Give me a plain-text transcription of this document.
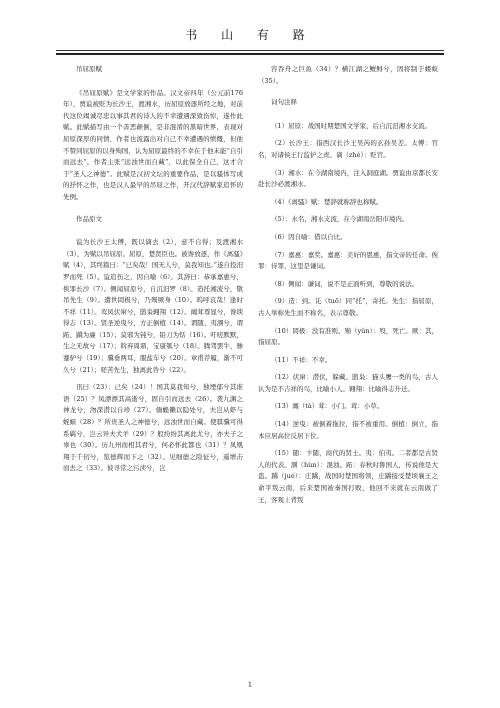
书 山 有 路

吊屈原赋

《吊屈原赋》是文学家的作品。汉文帝四年（公元前176年），贾谊被贬为长沙王，渡湘水，历屈原放逐所经之地，对前代这位竭诚尽忠以事其君的诗人的不幸遭遇深致伤悼，遂作此赋。此赋描写由一个善恶颠倒，是非混淆的黑暗世界，表现对屈原深厚的同情，作者也流露出对自己不幸遭遇的愤慨，但他不赞同屈原的以身殉国，认为屈原最终的不幸在于他未能“自引而远去”，作者主张“远浊世而自藏”，以此保全自己，这才合于“圣人之神德”。此赋是汉初文坛的重要作品，是以骚体写成的抒怀之作，也是汉人最早的吊屈之作，开汉代辞赋家追怀的先例。

作品原文

谊为长沙王太傅，既以谪去（2），意不自得；及渡湘水（3），为赋以吊屈原。屈原，楚贤臣也。被谗放逐，作《离骚》赋（4），其终篇曰：“已矣哉！国无人兮，莫我知也。”遂自投汨罗而死（5）。谊追伤之，因自喻（6）。其辞曰：恭承嘉惠兮，俟罪长沙（7）。侧闻屈原兮，自沉汨罗（8）。造托湘流兮，敬吊先生（9）。遭世罔极兮，乃殒厥身（10）。呜呼哀哉！逢时不祥（11）。鸾凤伏窜兮，鸱枭翱翔（12）。阘茸尊显兮，谗谀得志（13）。贤圣逆曳兮，方正倒植（14）。谓随、夷溷兮，谓跖、蹻为廉（15）；莫邪为钝兮，铅刀为铦（16）。吁嗟默默，生之无故兮（17）；斡弃周鼎，宝康瓠兮（18）。腾驾罢牛，骖蹇驴兮（19）；骥垂两耳，服盐车兮（20）。章甫荐履，渐不可久兮（21）；嗟苦先生，独离此咎兮（22）。

讯曰（23）：已矣（24）！国其莫我知兮，独堙郁兮其谁语（25）？凤漂漂其高逝兮，固自引而远去（26）。袭九渊之神龙兮，沕深潜以自珍（27）。偭蟂獭以隐处兮，夫岂从虾与蛭螾（28）？所贵圣人之神德兮，远浊世而自藏。使骐骥可得系羁兮，岂云异夫犬羊（29）？般纷纷其离此尤兮，亦夫子之辜也（30）。历九州而相其君兮，何必怀此都也（31）？凤凰翔于千仞兮，览德辉而下之（32）。见细德之险征兮，遥增击而去之（33）。彼寻常之污渎兮，岂

容吞舟之巨鱼（34）？横江湖之鳣鲟兮，固将制于蝼蚁（35）。

词句注释

（1）屈原：战国时期楚国文学家，后自沉汨湘水支流。

（2）长沙王：指西汉长沙王吴芮的玄孙吴差。太傅：官名，对诸侯王行监护之责。谪（zhé）：贬官。

（3）湘水：在今湖南境内，注入洞庭湖。贾谊由京都长安赴长沙必渡湘水。

（4）《离骚》赋：楚辞就称辞也称赋。

（5）：水名，湘水支流，在今湖南岳阳市境内。

（6）因自喻：借以自比。

（7）嘉惠：嘉奖。嘉惠：美好的恩惠，指文帝的任命。俟罪：待罪，这里是谦词。

（8）侧闻：谦词，说不是正面听到，尊敬的说法。

（9）造：到。讬（tuō）同“托”，寄托。先生：指屈原，古人举称先生而不称名，表示尊敬。

（10）罔极：没有准则。殒（yǔn）：殁，死亡。厥：其，指屈原。

（11）不祥：不幸。

（12）伏窜：潜伏，躲藏。鸱枭：猫头鹰一类的鸟，古人认为是不吉祥的鸟，比喻小人。翱翔：比喻得志升迁。

（13）阘（tà）茸：小门。茸：小草。

（14）逆曳：被倒着拖拉，指不被重用。倒植：倒立，指本应居高位反居下位。

（15）随：卞随，商代的贤士。夷：伯夷。二者都是古贤人的代表。溷（hùn）：混浊。跖：春秋时鲁国人，传说他是大盗。蹻（jué）：庄蹻，战国时楚国将领，庄蹻接受楚顷襄王之命平叛云南，后来楚国被秦国打败，他回不来就在云南做了王，客观上背叛

1
